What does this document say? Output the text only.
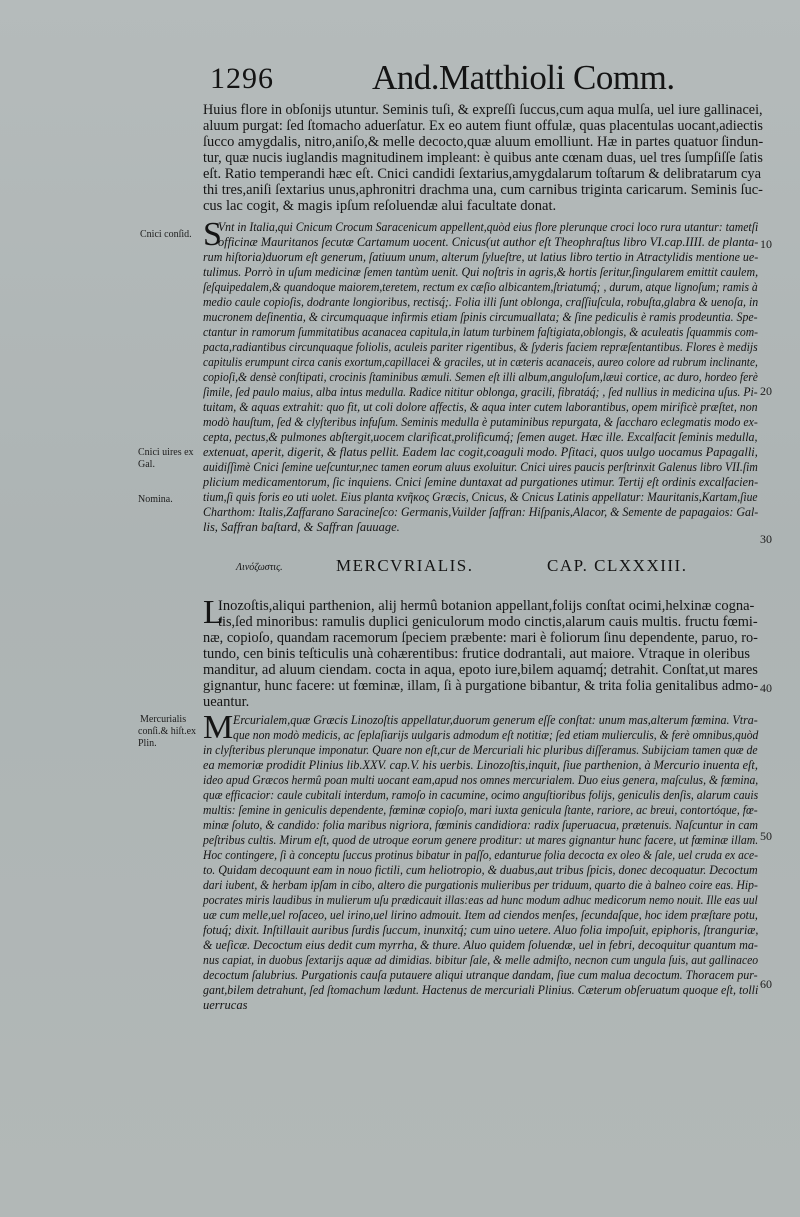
1296	And.Matthioli Comm.
Huius flore in obſonijs utuntur. Seminis tuſi, & expreſſi ſuccus,cum aqua mulſa, uel iure gallinacei,
aluum purgat: ſed ſtomacho aduerſatur. Ex eo autem fiunt offulæ, quas placentulas uocant,adiectis
ſucco amygdalis, nitro,aniſo,& melle decocto,quæ aluum emolliunt. Hæ in partes quatuor ſindun-
tur, quæ nucis iuglandis magnitudinem impleant: è quibus ante cœnam duas, uel tres ſumpſiſſe ſatis
eſt. Ratio temperandi hæc eſt. Cnici candidi ſextarius,amygdalarum toſtarum & delibratarum cya
thi tres,aniſi ſextarius unus,aphronitri drachma una, cum carnibus triginta caricarum. Seminis ſuc-
cus lac cogit, & magis ipſum reſoluendæ alui facultate donat.
S
Vnt in Italia,qui Cnicum Crocum Saracenicum appellent,quòd eius flore plerunque croci loco rura utantur: tametſi
officinæ Mauritanos ſecutæ Cartamum uocent. Cnicus(ut author eſt Theophraſtus libro VI.cap.IIII. de planta-
rum hiſtoria)duorum eſt generum, ſatiuum unum, alterum ſylueſtre, ut latius libro tertio in Atractylidis mentione ue-
tulimus. Porrò in uſum medicinæ ſemen tantùm uenit. Qui noſtris in agris,& hortis ſeritur,ſingularem emittit caulem,
ſeſquipedalem,& quandoque maiorem,teretem, rectum ex cæſio albicantem,ſtriatumq́; , durum, atque lignoſum; ramis à
medio caule copioſis, dodrante longioribus, rectisq́;. Folia illi ſunt oblonga, craſſiuſcula, robuſta,glabra & uenoſa, in
mucronem deſinentia, & circumquaque infirmis etiam ſpinis circumuallata; & ſine pediculis è ramis prodeuntia. Spe-
ctantur in ramorum ſummitatibus acanacea capitula,in latum turbinem faſtigiata,oblongis, & aculeatis ſquammis com-
pacta,radiantibus circunquaque foliolis, aculeis pariter rigentibus, & ſyderis faciem repræſentantibus. Flores è medijs
capitulis erumpunt circa canis exortum,capillacei & graciles, ut in cæteris acanaceis, aureo colore ad rubrum inclinante,
copioſi,& densè conſtipati, crocinis ſtaminibus æmuli. Semen eſt illi album,angulоſum,læui cortice, ac duro, hordeo ferè
ſimile, ſed paulo maius, alba intus medulla. Radice nititur oblonga, gracili, fibratáq́; , ſed nullius in medicina uſus. Pi-
tuitam, & aquas extrahit: quo fit, ut coli dolore affectis, & aqua inter cutem laborantibus, opem mirificè præſtet, non
modò hauſtum, ſed & clyſteribus infuſum. Seminis medulla è putaminibus repurgata, & ſacchаro eclegmatis modo ex-
cepta, pectus,& pulmones abſtergit,uocem clarificat,prolificumq́; ſemen auget. Hæc ille. Excalfacit ſeminis medulla,
extenuat, aperit, digerit, & flatus pellit. Eadem lac cogit,coaguli modo. Pſitaci, quos uulgo uocamus Papagalli,
auidiſſimè Cnici ſemine ueſcuntur,nec tamen eorum aluus exoluitur. Cnici uires paucis perſtrinxit Galenus libro VII.ſim
plicium medicamentorum, ſic inquiens. Cnici ſemine duntaxat ad purgationes utimur. Tertij eſt ordinis excalfacien-
tium,ſi quis foris eo uti uolet. Eius planta κνῆκος Græcis, Cnicus, & Cnicus Latinis appellatur: Mauritanis,Kartam,ſiue
Charthom: Italis,Zaffarano Saracineſco: Germanis,Vuilder ſaffran: Hiſpanis,Alacor, & Semente de papagaios: Gal-
lis, Saffran baſtard, & Saffran ſauuage.
Λινόζωστις.	MERCVRIALIS.	CAP. CLXXXIII.
L
Inozoſtis,aliqui parthenion, alij hermû botanion appellant,folijs conſtat ocimi,helxinæ cogna-
tis,ſed minoribus: ramulis duplici geniculorum modo cinctis,alarum cauis multis. fructu fœmi-
næ, copioſo, quandam racemorum ſpeciem præbente: mari è foliorum ſinu dependente, paruo, ro-
tundo, cen binis teſticulis unà cohærentibus: frutice dodrantali, aut maiore. Vtraque in oleribus
manditur, ad aluum ciendam. cocta in aqua, epoto iure,bilem aquamq́; detrahit. Conſtat,ut mares
gignantur, hunc facere: ut fœminæ, illam, ſi à purgatione bibantur, & trita folia genitalibus admo-
ueantur.
M Ercurialem,quæ Græcis Linozoſtis appellatur,duorum generum eſſe conſtat: unum mas,alterum fœmina. Vtra-
que non modò medicis, ac ſeplaſiarijs uulgaris admodum eſt notitiæ; ſed etiam mulierculis, & ferè omnibus,quòd
in clyſteribus plerunque imponatur. Quare non eſt,cur de Mercuriali hic pluribus diſſeramus. Subijciam tamen quæ de
ea memoriæ prodidit Plinius lib.XXV. cap.V. his uerbis. Linozoſtis,inquit, ſiue parthenion, à Mercurio inuenta eſt,
ideo apud Græcos hermû poan multi uocant eam,apud nos omnes mercurialem. Duo eius genera, maſculus, & fœmina,
quæ efficacior: caule cubitali interdum, ramoſo in cacumine, ocimo anguſtioribus folijs, geniculis denſis, alarum cauis
multis: ſemine in geniculis dependente, fœminæ copioſo, mari iuxta genicula ſtante, rariore, ac breui, contortóque, fœ-
minæ ſoluto, & candido: folia maribus nigriora, fœminis candidiora: radix ſuperuacua, prætenuis. Naſcuntur in cam
peſtribus cultis. Mirum eſt, quod de utroque eorum genere proditur: ut mares gignantur hunc facere, ut fœminæ illam.
Hoc contingere, ſi à conceptu ſuccus protinus bibatur in paſſo, edanturue folia decocta ex oleo & ſale, uel cruda ex ace-
to. Quidam decoquunt eam in nouo fictili, cum heliotropio, & duabus,aut tribus ſpicis, donec decoquatur. Decoctum
dari iubent, & herbam ipſam in cibo, altero die purgationis mulieribus per triduum, quarto die à balneo coire eas. Hip-
pocrates miris laudibus in mulierum uſu prædicauit illas:eas ad hunc modum adhuc medicorum nemo nouit. Ille eas uul
uæ cum melle,uel roſaceo, uel irino,uel lirino admouit. Item ad ciendos menſes, ſecundaſque, hoc idem præſtare potu,
fotuq́; dixit. Inſtillauit auribus ſurdis ſuccum, inunxitq́; cum uino uetere. Aluo folia impoſuit, epiphoris, ſtranguriæ,
& ueſicæ. Decoctum eius dedit cum myrrha, & thure. Aluo quidem ſoluendæ, uel in febri, decoquitur quantum ma-
nus capiat, in duobus ſextarijs aquæ ad dimidias. bibitur ſale, & melle admiſto, necnon cum ungula ſuis, aut gallinaceo
decoctum ſalubrius. Purgationis cauſa putauere aliqui utranque dandam, ſiue cum malua decoctum. Thoracem pur-
gant,bilem detrahunt, ſed ſtomachum lædunt. Hactenus de mercuriali Plinius. Cæterum obſeruatum quoque eſt, tolli
uerrucas
Cnici conſid.
Cnici uires ex
Gal.
Nomina.
Mercurialis
conſi.& hiſt.ex
Plin.
10
20
30
40
50
60
